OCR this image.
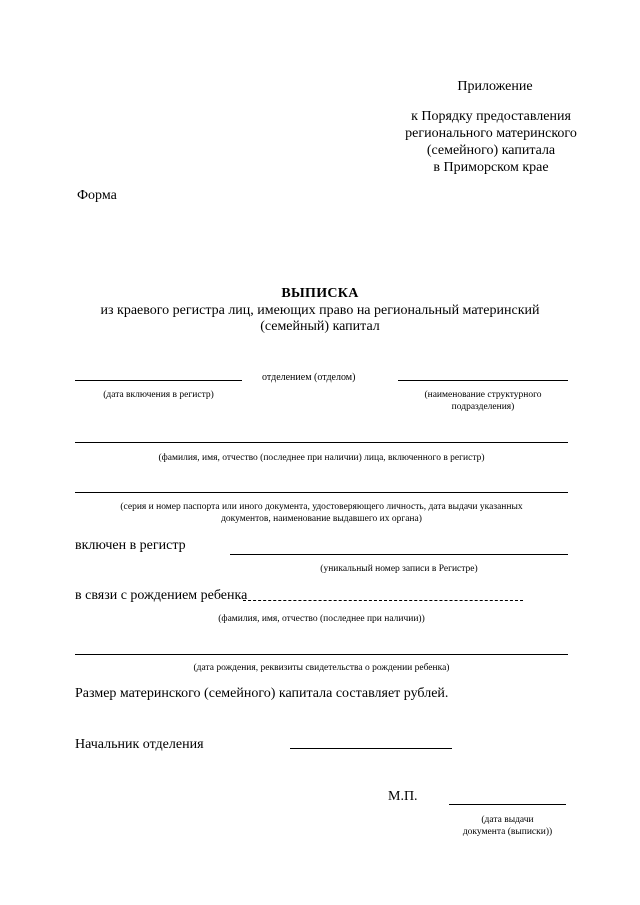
Приложение
к Порядку предоставления
регионального материнского
(семейного) капитала
в Приморском крае
Форма
ВЫПИСКА
из краевого регистра лиц, имеющих право на региональный материнский
(семейный) капитал
отделением (отделом)
(дата включения в регистр)	(наименование структурного
подразделения)
(фамилия, имя, отчество (последнее при наличии) лица, включенного в регистр)
(серия и номер паспорта или иного документа, удостоверяющего личность, дата выдачи указанных
документов, наименование выдавшего их органа)
включен в регистр
(уникальный номер записи в Регистре)
в связи с рождением ребенка
(фамилия, имя, отчество (последнее при наличии))
(дата рождения, реквизиты свидетельства о рождении ребенка)
Размер материнского (семейного) капитала составляет рублей.
Начальник отделения
М.П.
(дата выдачи
документа (выписки))
